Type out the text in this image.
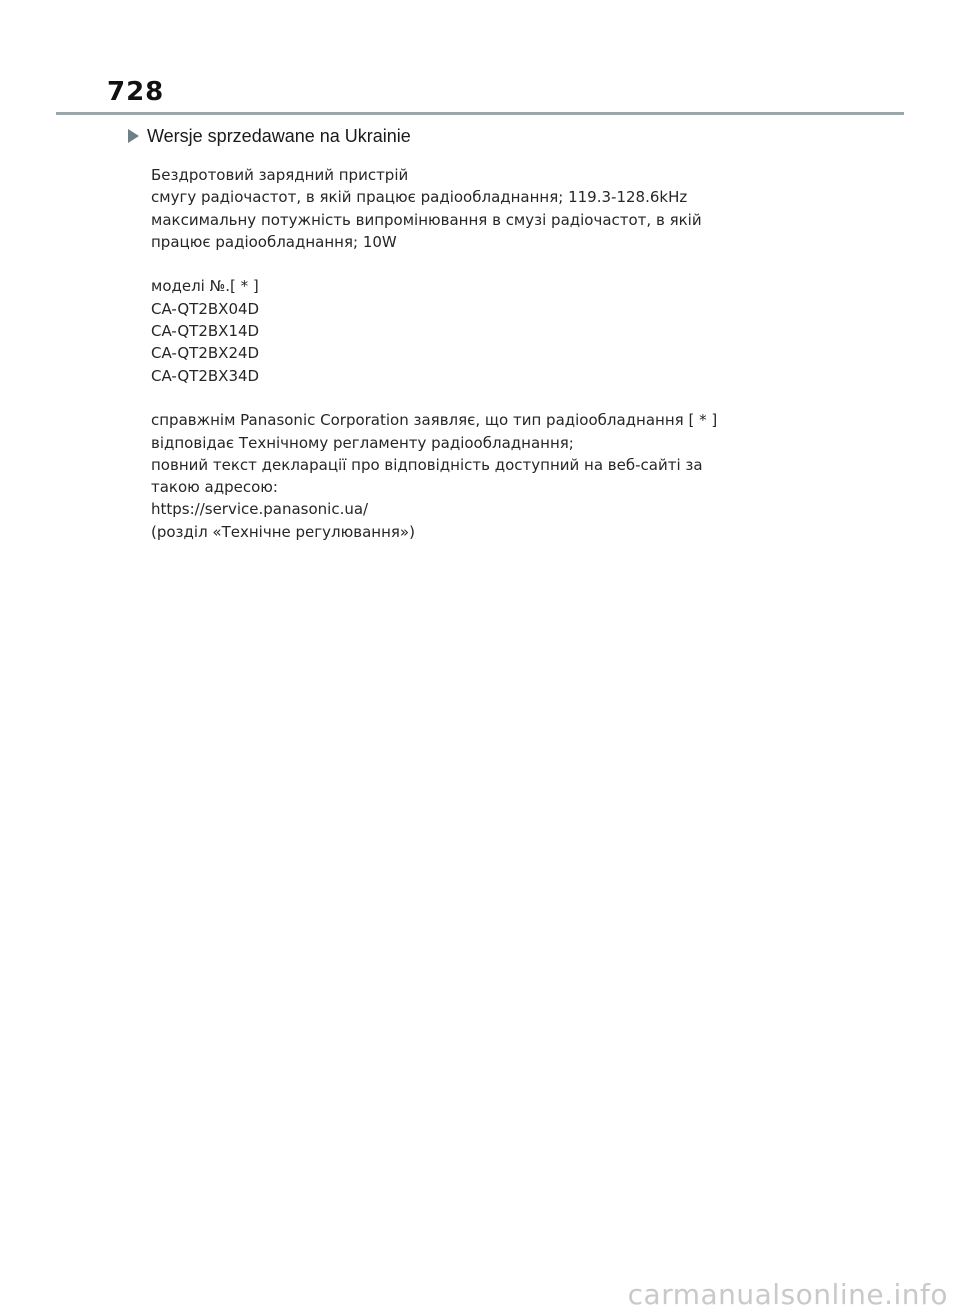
728
Wersje sprzedawane na Ukrainie

Бездротовий зарядний пристрій
смугу радіочастот, в якій працює радіообладнання; 119.3-128.6kHz
максимальну потужність випромінювання в смузі радіочастот, в якій
працює радіообладнання; 10W

моделі №.[ * ]
CA-QT2BX04D
CA-QT2BX14D
CA-QT2BX24D
CA-QT2BX34D

справжнім Panasonic Corporation заявляє, що тип радіообладнання [ * ]
відповідає Технічному регламенту радіообладнання;
повний текст декларації про відповідність доступний на веб-сайті за
такою адресою:
https://service.panasonic.ua/
(розділ «Технічне регулювання»)

carmanualsonline.info
